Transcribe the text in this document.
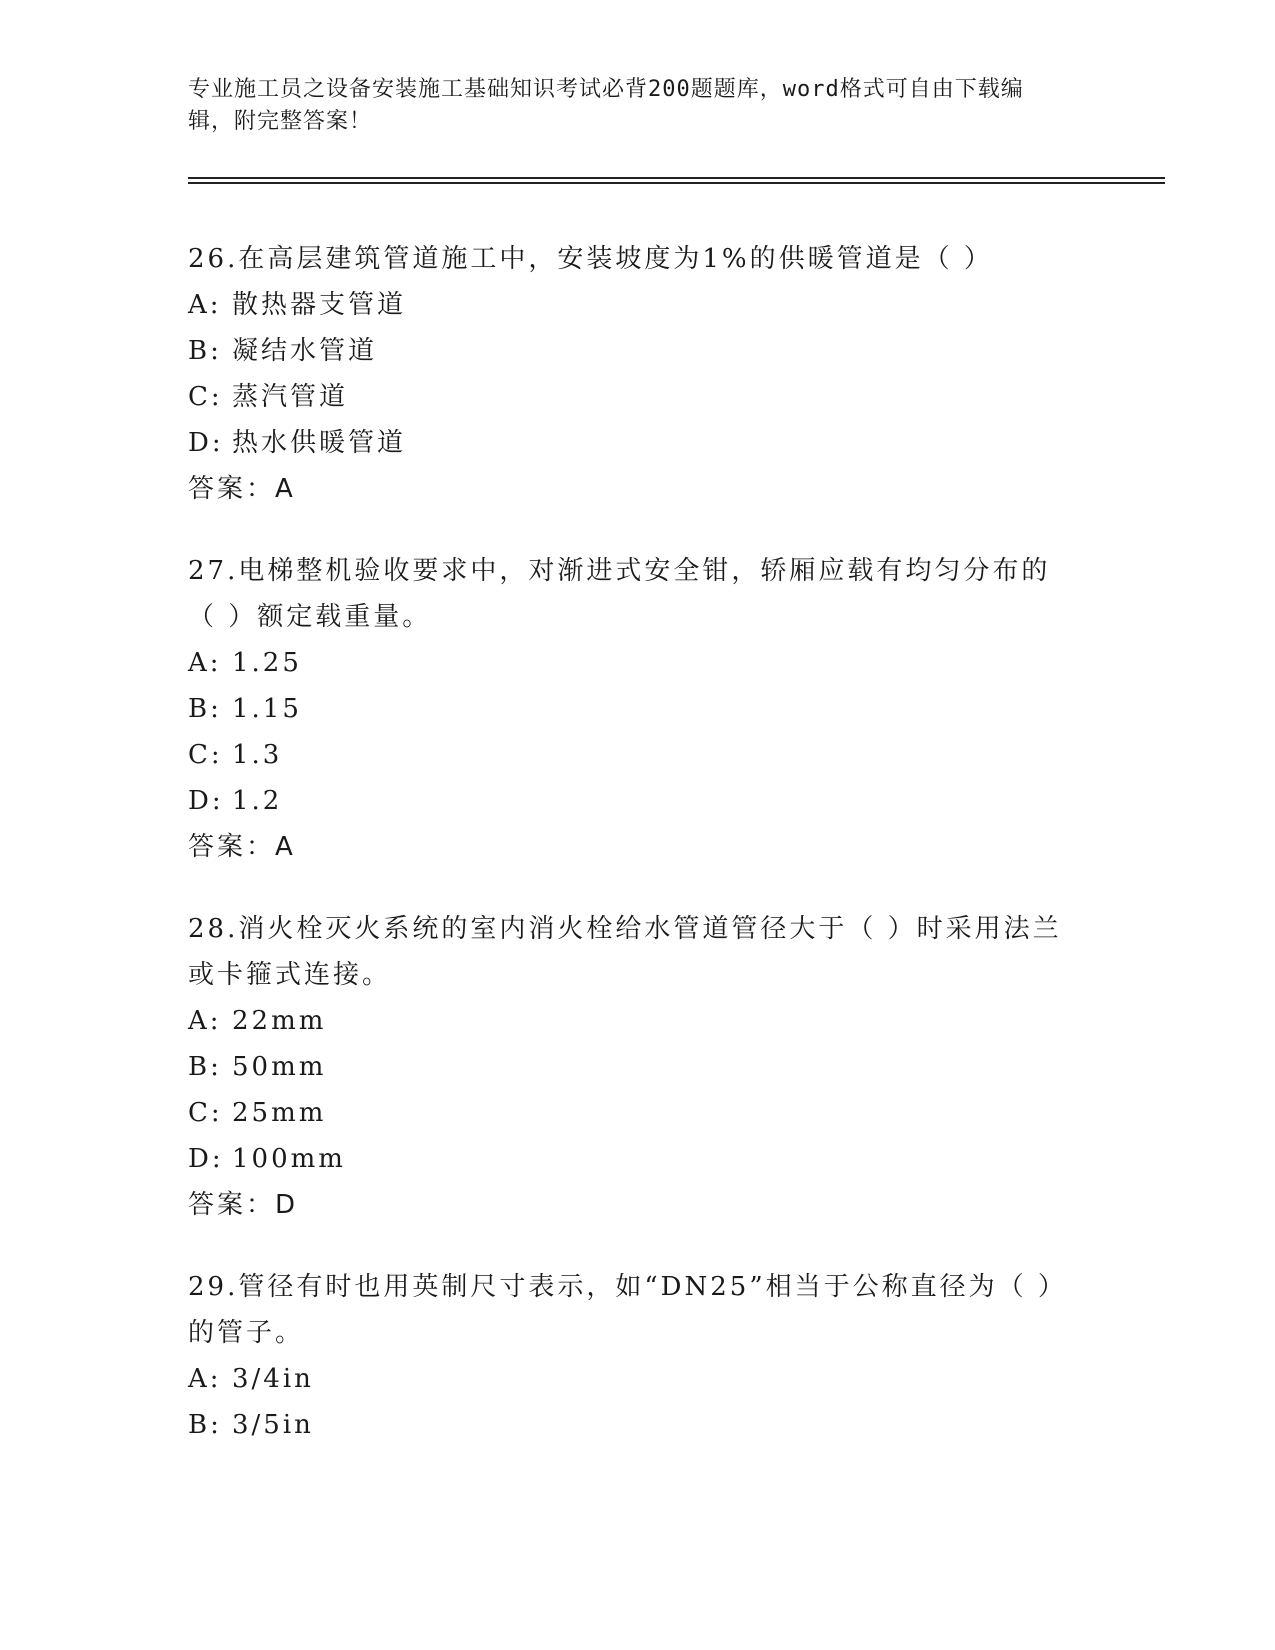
专业施工员之设备安装施工基础知识考试必背200题题库，word格式可自由下载编辑，附完整答案！

26.在高层建筑管道施工中，安装坡度为1%的供暖管道是（ ）

A: 散热器支管道
B: 凝结水管道
C: 蒸汽管道
D: 热水供暖管道
答案：A

27.电梯整机验收要求中，对渐进式安全钳，轿厢应载有均匀分布的（ ）额定载重量。

A: 1.25
B: 1.15
C: 1.3
D: 1.2
答案：A

28.消火栓灭火系统的室内消火栓给水管道管径大于（ ）时采用法兰或卡箍式连接。

A: 22mm
B: 50mm
C: 25mm
D: 100mm
答案：D

29.管径有时也用英制尺寸表示，如“DN25”相当于公称直径为（ ）的管子。

A: 3/4in
B: 3/5in
